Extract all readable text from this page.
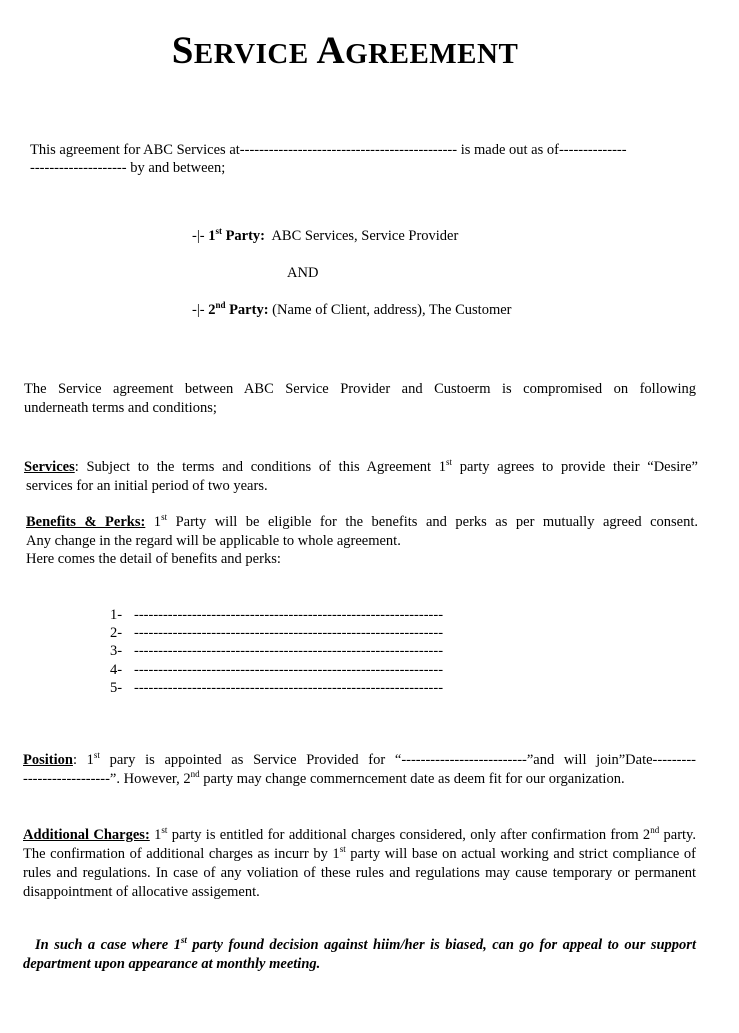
SERVICE AGREEMENT
This agreement for ABC Services at--------------------------------------------- is made out as of--------------
-------------------- by and between;
-|- 1st Party:  ABC Services, Service Provider
AND
-|- 2nd Party: (Name of Client, address), The Customer
The Service agreement between ABC Service Provider and Custoerm is compromised on following
underneath terms and conditions;
Services: Subject to the terms and conditions of this Agreement 1st party agrees to provide their “Desire”
services for an initial period of two years.
Benefits & Perks: 1st Party will be eligible for the benefits and perks as per mutually agreed consent.
Any change in the regard will be applicable to whole agreement.
Here comes the detail of benefits and perks:
1- ----------------------------------------------------------------
2- ----------------------------------------------------------------
3- ----------------------------------------------------------------
4- ----------------------------------------------------------------
5- ----------------------------------------------------------------
Position: 1st pary is appointed as Service Provided for “--------------------------”and will join”Date---------
------------------”. However, 2nd party may change commerncement date as deem fit for our organization.
Additional Charges: 1st party is entitled for additional charges considered, only after confirmation from 2nd party. The confirmation of additional charges as incurr by 1st party will base on actual working and strict compliance of rules and regulations. In case of any voliation of these rules and regulations may cause temporary or permanent disappointment of allocative assigement.
In such a case where 1st party found decision against hiim/her is biased, can go for appeal to our support department upon appearance at monthly meeting.
